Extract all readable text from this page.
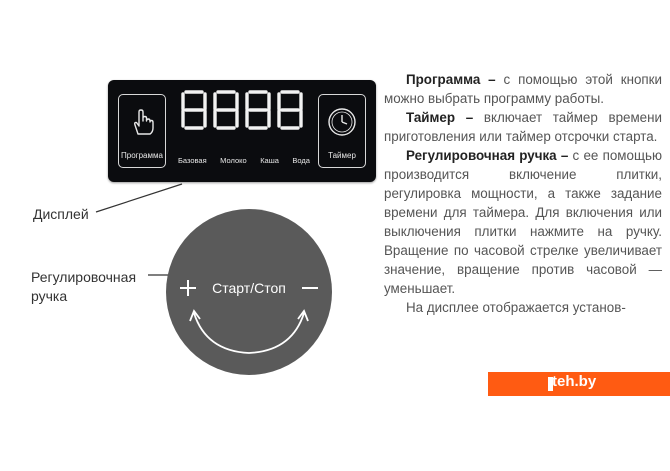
Программа
Базовая Молоко Каша Вода
Таймер
Дисплей
Регулировочная
ручка	Старт/Стоп

Программа – с помощью этой кнопки можно выбрать программу работы.

Таймер – включает таймер времени приготовления или таймер отсрочки старта.

Регулировочная ручка – с ее помощью производится включение плитки, регулировка мощности, а также задание времени для таймера. Для включения или выключения плитки нажмите на ручку. Вращение по часовой стрелке увеличивает значение, вращение против часовой — уменьшает.

На дисплее отображается установ-

teh.by
